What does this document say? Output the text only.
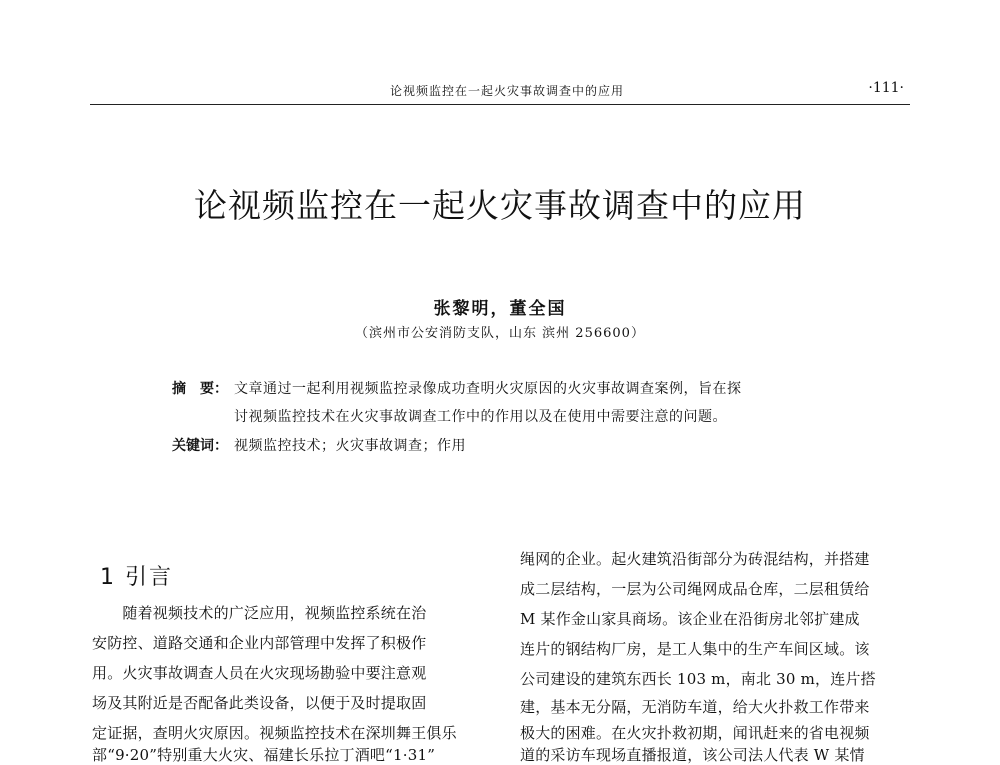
论视频监控在一起火灾事故调查中的应用	·111·
论视频监控在一起火灾事故调查中的应用
张黎明，董全国
（滨州市公安消防支队，山东 滨州 256600）
摘　要： 文章通过一起利用视频监控录像成功查明火灾原因的火灾事故调查案例，旨在探
讨视频监控技术在火灾事故调查工作中的作用以及在使用中需要注意的问题。
关键词： 视频监控技术；火灾事故调查；作用
1 引言
　　随着视频技术的广泛应用，视频监控系统在治
安防控、道路交通和企业内部管理中发挥了积极作
用。火灾事故调查人员在火灾现场勘验中要注意观
场及其附近是否配备此类设备，以便于及时提取固
定证据，查明火灾原因。视频监控技术在深圳舞王俱乐
部“9·20”特别重大火灾、福建长乐拉丁酒吧“1·31”
绳网的企业。起火建筑沿街部分为砖混结构，并搭建
成二层结构，一层为公司绳网成品仓库，二层租赁给
M 某作金山家具商场。该企业在沿街房北邻扩建成
连片的钢结构厂房，是工人集中的生产车间区域。该
公司建设的建筑东西长 103 m，南北 30 m，连片搭
建，基本无分隔，无消防车道，给大火扑救工作带来
极大的困难。在火灾扑救初期，闻讯赶来的省电视频
道的采访车现场直播报道，该公司法人代表 W 某情
